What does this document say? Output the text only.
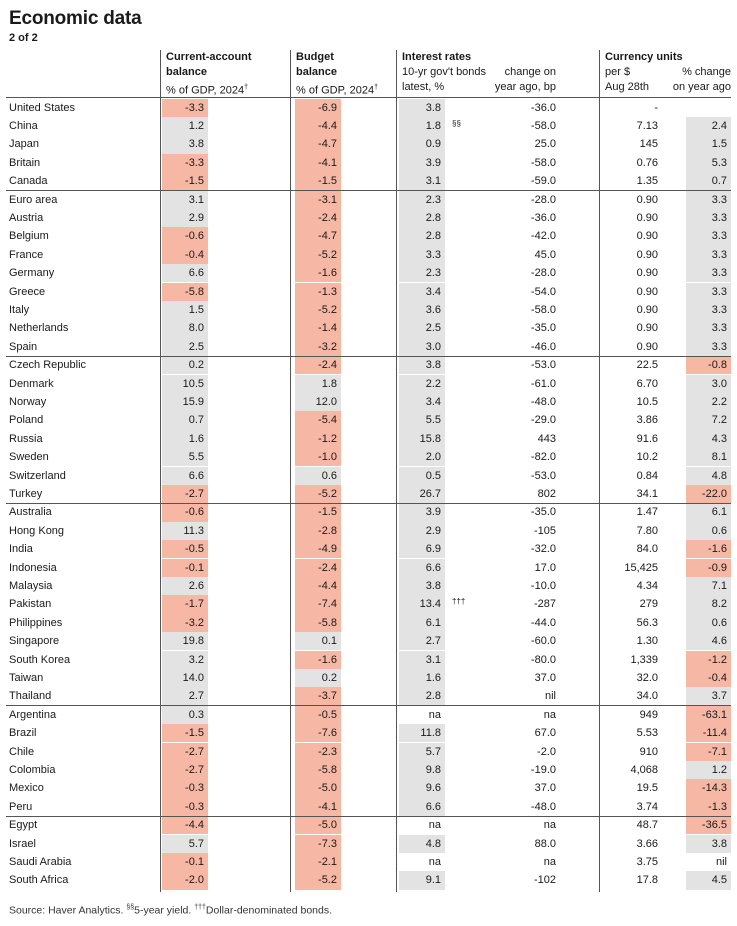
Economic data
2 of 2
Current-account
balance
% of GDP, 2024†
Budget
balance
% of GDP, 2024†
Interest rates
10-yr gov't bonds
latest, %
change on
year ago, bp
Currency units
per $
Aug 28th
% change
on year ago
United States	-3.3	-6.9	3.8	-36.0	-
China	1.2	-4.4	1.8	§§	-58.0	7.13	2.4
Japan	3.8	-4.7	0.9	25.0	145	1.5
Britain	-3.3	-4.1	3.9	-58.0	0.76	5.3
Canada	-1.5	-1.5	3.1	-59.0	1.35	0.7
Euro area	3.1	-3.1	2.3	-28.0	0.90	3.3
Austria	2.9	-2.4	2.8	-36.0	0.90	3.3
Belgium	-0.6	-4.7	2.8	-42.0	0.90	3.3
France	-0.4	-5.2	3.3	45.0	0.90	3.3
Germany	6.6	-1.6	2.3	-28.0	0.90	3.3
Greece	-5.8	-1.3	3.4	-54.0	0.90	3.3
Italy	1.5	-5.2	3.6	-58.0	0.90	3.3
Netherlands	8.0	-1.4	2.5	-35.0	0.90	3.3
Spain	2.5	-3.2	3.0	-46.0	0.90	3.3
Czech Republic	0.2	-2.4	3.8	-53.0	22.5	-0.8
Denmark	10.5	1.8	2.2	-61.0	6.70	3.0
Norway	15.9	12.0	3.4	-48.0	10.5	2.2
Poland	0.7	-5.4	5.5	-29.0	3.86	7.2
Russia	1.6	-1.2	15.8	443	91.6	4.3
Sweden	5.5	-1.0	2.0	-82.0	10.2	8.1
Switzerland	6.6	0.6	0.5	-53.0	0.84	4.8
Turkey	-2.7	-5.2	26.7	802	34.1	-22.0
Australia	-0.6	-1.5	3.9	-35.0	1.47	6.1
Hong Kong	11.3	-2.8	2.9	-105	7.80	0.6
India	-0.5	-4.9	6.9	-32.0	84.0	-1.6
Indonesia	-0.1	-2.4	6.6	17.0	15,425	-0.9
Malaysia	2.6	-4.4	3.8	-10.0	4.34	7.1
Pakistan	-1.7	-7.4	13.4	†††	-287	279	8.2
Philippines	-3.2	-5.8	6.1	-44.0	56.3	0.6
Singapore	19.8	0.1	2.7	-60.0	1.30	4.6
South Korea	3.2	-1.6	3.1	-80.0	1,339	-1.2
Taiwan	14.0	0.2	1.6	37.0	32.0	-0.4
Thailand	2.7	-3.7	2.8	nil	34.0	3.7
Argentina	0.3	-0.5	na	na	949	-63.1
Brazil	-1.5	-7.6	11.8	67.0	5.53	-11.4
Chile	-2.7	-2.3	5.7	-2.0	910	-7.1
Colombia	-2.7	-5.8	9.8	-19.0	4,068	1.2
Mexico	-0.3	-5.0	9.6	37.0	19.5	-14.3
Peru	-0.3	-4.1	6.6	-48.0	3.74	-1.3
Egypt	-4.4	-5.0	na	na	48.7	-36.5
Israel	5.7	-7.3	4.8	88.0	3.66	3.8
Saudi Arabia	-0.1	-2.1	na	na	3.75	nil
South Africa	-2.0	-5.2	9.1	-102	17.8	4.5
Source: Haver Analytics. §§5-year yield. †††Dollar-denominated bonds.
